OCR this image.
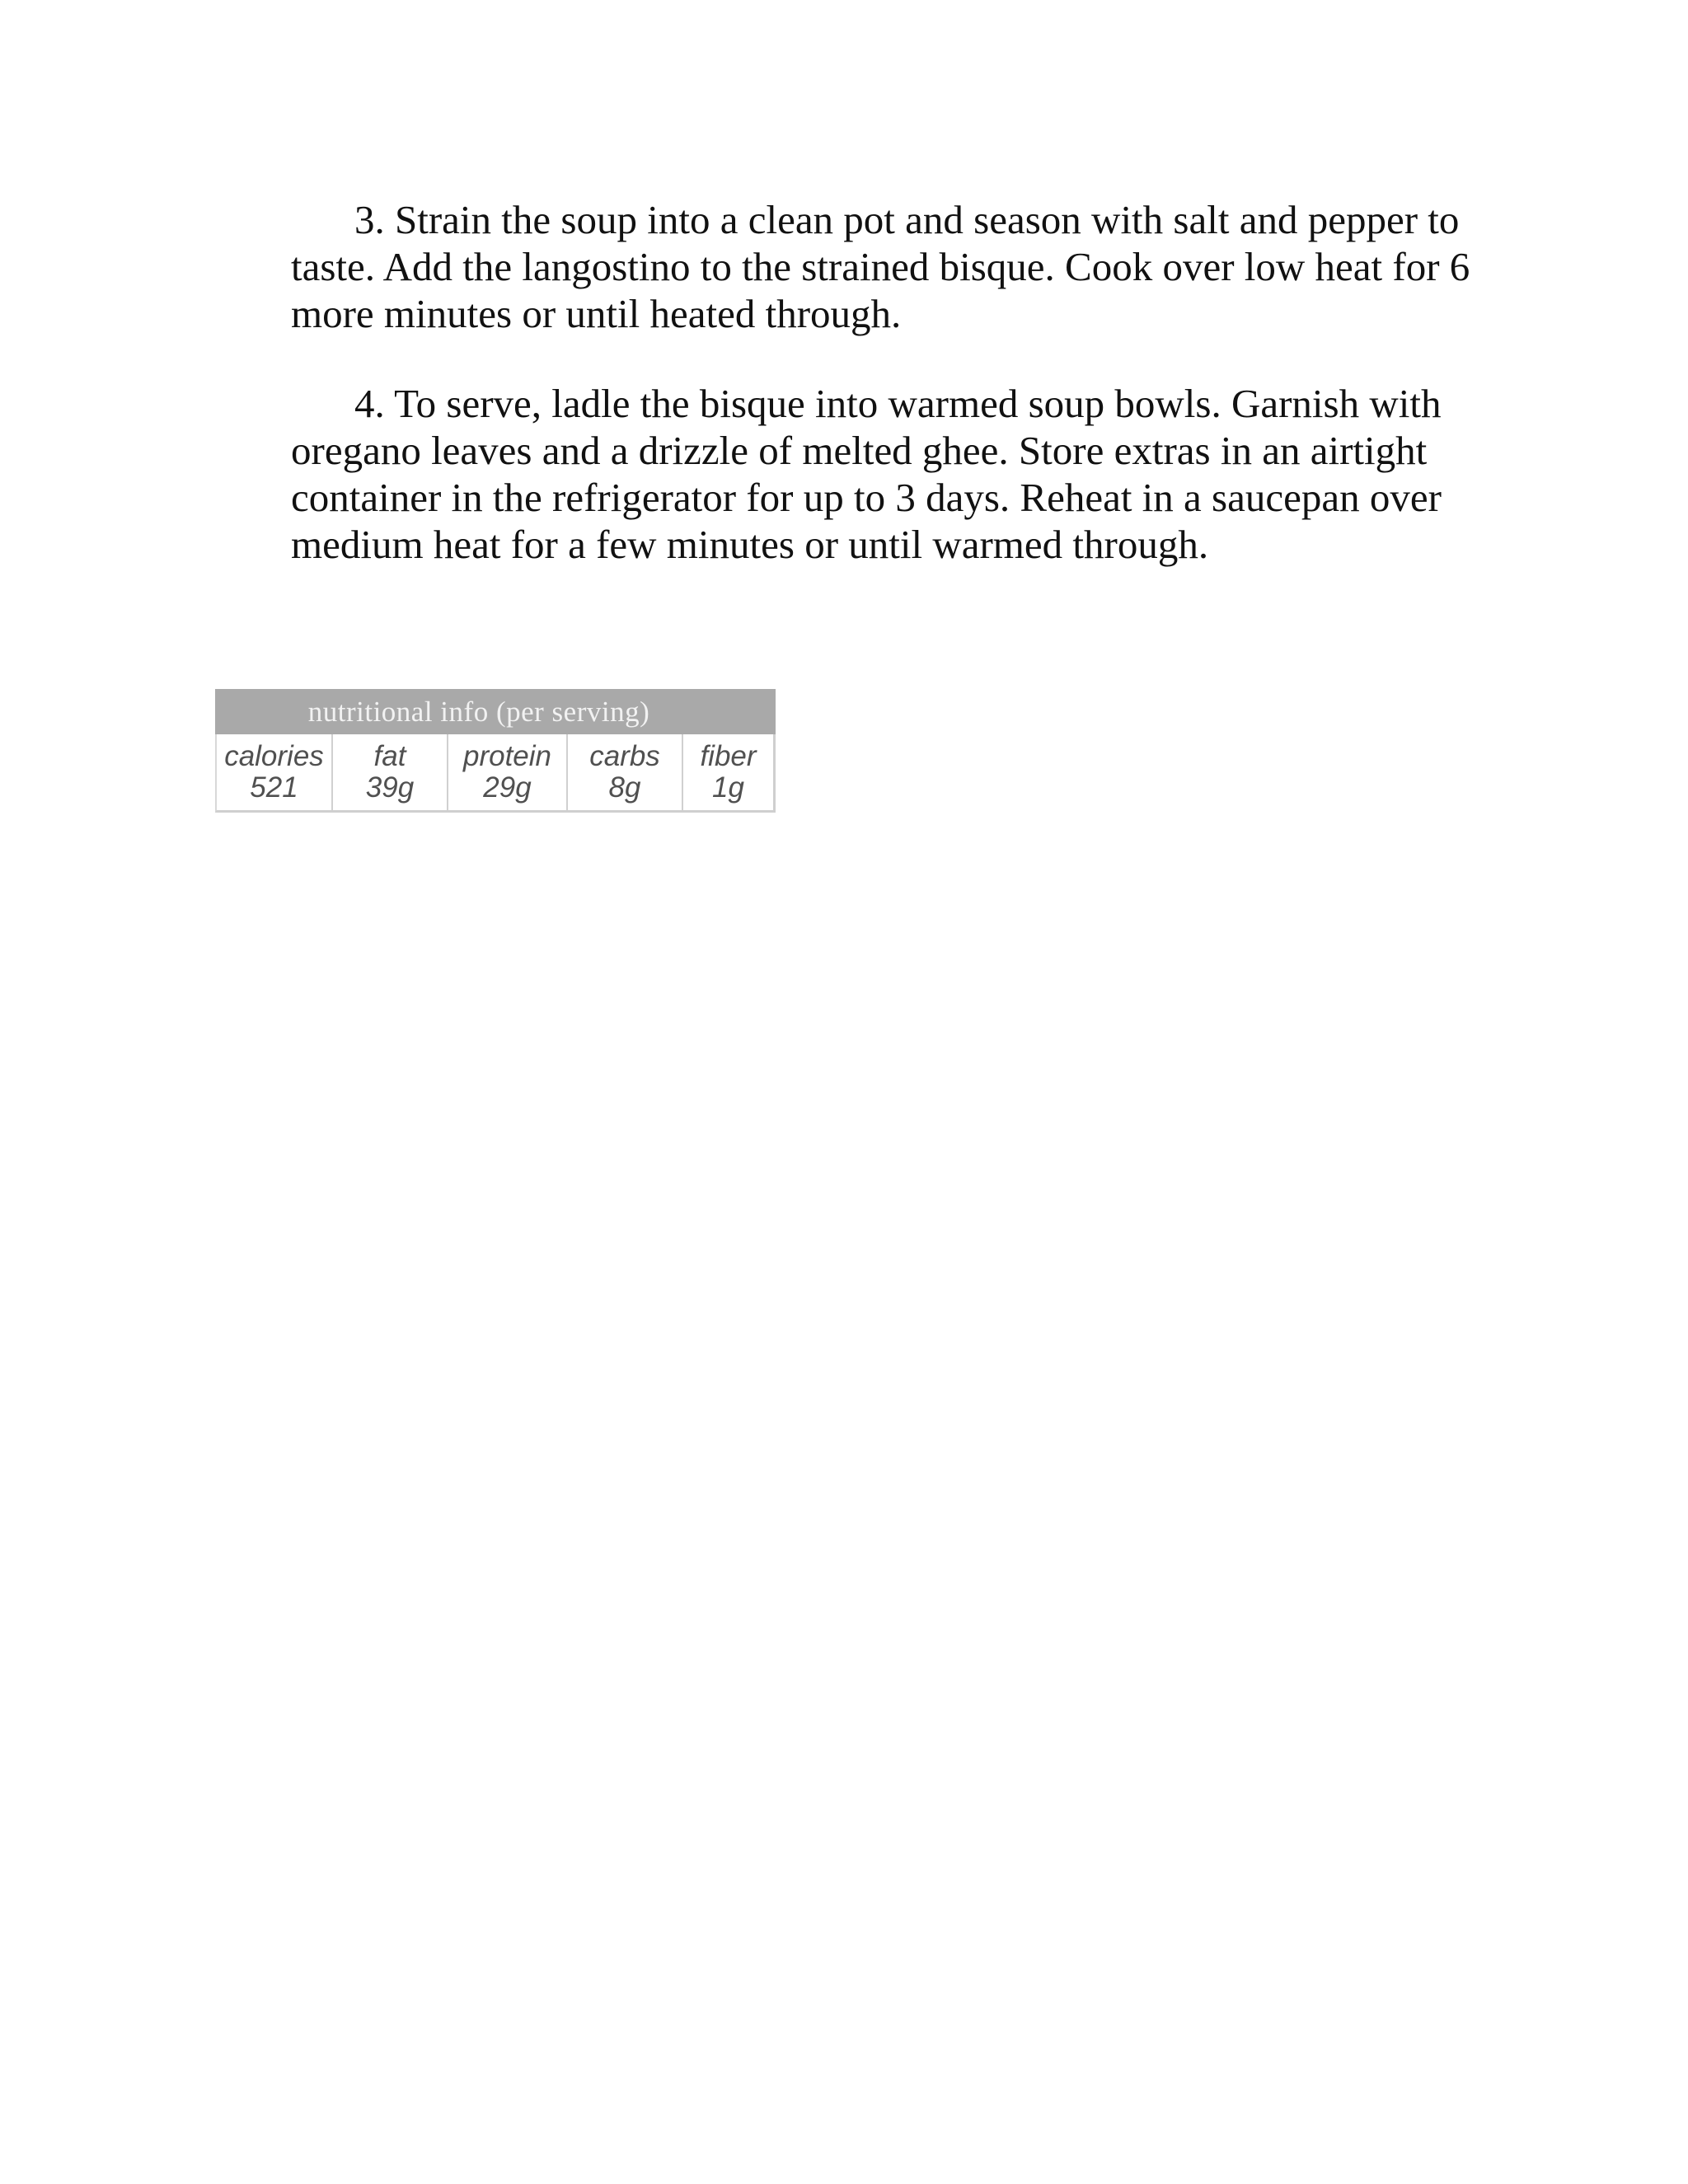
3. Strain the soup into a clean pot and season with salt and pepper to taste. Add the langostino to the strained bisque. Cook over low heat for 6 more minutes or until heated through.

4. To serve, ladle the bisque into warmed soup bowls. Garnish with oregano leaves and a drizzle of melted ghee. Store extras in an airtight container in the refrigerator for up to 3 days. Reheat in a saucepan over medium heat for a few minutes or until warmed through.

nutritional info (per serving)
calories
521
fat
39g
protein
29g
carbs
8g
fiber
1g
